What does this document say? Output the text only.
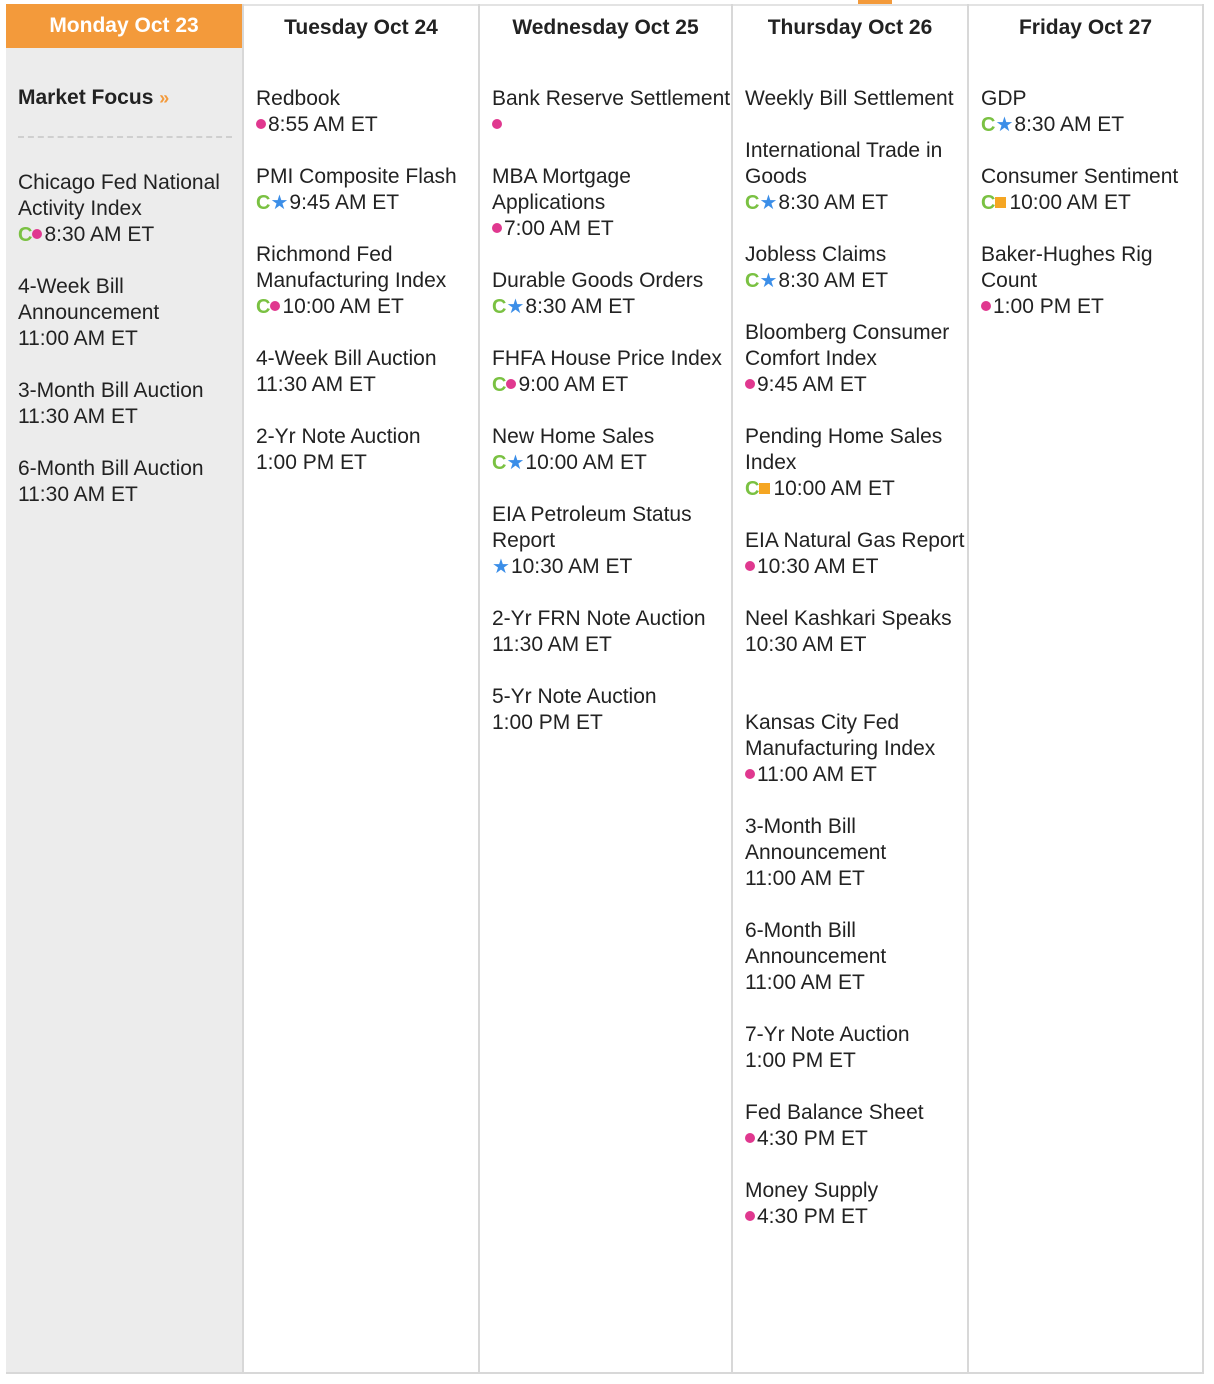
Monday Oct 23
Market Focus »
Chicago Fed National Activity Index
C 8:30 AM ET
4-Week Bill Announcement
11:00 AM ET
3-Month Bill Auction
11:30 AM ET
6-Month Bill Auction
11:30 AM ET
Tuesday Oct 24
Redbook
8:55 AM ET
PMI Composite Flash
C★9:45 AM ET
Richmond Fed Manufacturing Index
C 10:00 AM ET
4-Week Bill Auction
11:30 AM ET
2-Yr Note Auction
1:00 PM ET
Wednesday Oct 25
Bank Reserve Settlement
MBA Mortgage Applications
7:00 AM ET
Durable Goods Orders
C★8:30 AM ET
FHFA House Price Index
C 9:00 AM ET
New Home Sales
C★10:00 AM ET
EIA Petroleum Status Report
★10:30 AM ET
2-Yr FRN Note Auction
11:30 AM ET
5-Yr Note Auction
1:00 PM ET
Thursday Oct 26
Weekly Bill Settlement
International Trade in Goods
C★8:30 AM ET
Jobless Claims
C★8:30 AM ET
Bloomberg Consumer Comfort Index
9:45 AM ET
Pending Home Sales Index
C 10:00 AM ET
EIA Natural Gas Report
10:30 AM ET
Neel Kashkari Speaks
10:30 AM ET
Kansas City Fed Manufacturing Index
11:00 AM ET
3-Month Bill Announcement
11:00 AM ET
6-Month Bill Announcement
11:00 AM ET
7-Yr Note Auction
1:00 PM ET
Fed Balance Sheet
4:30 PM ET
Money Supply
4:30 PM ET
Friday Oct 27
GDP
C★8:30 AM ET
Consumer Sentiment
C 10:00 AM ET
Baker-Hughes Rig Count
1:00 PM ET
